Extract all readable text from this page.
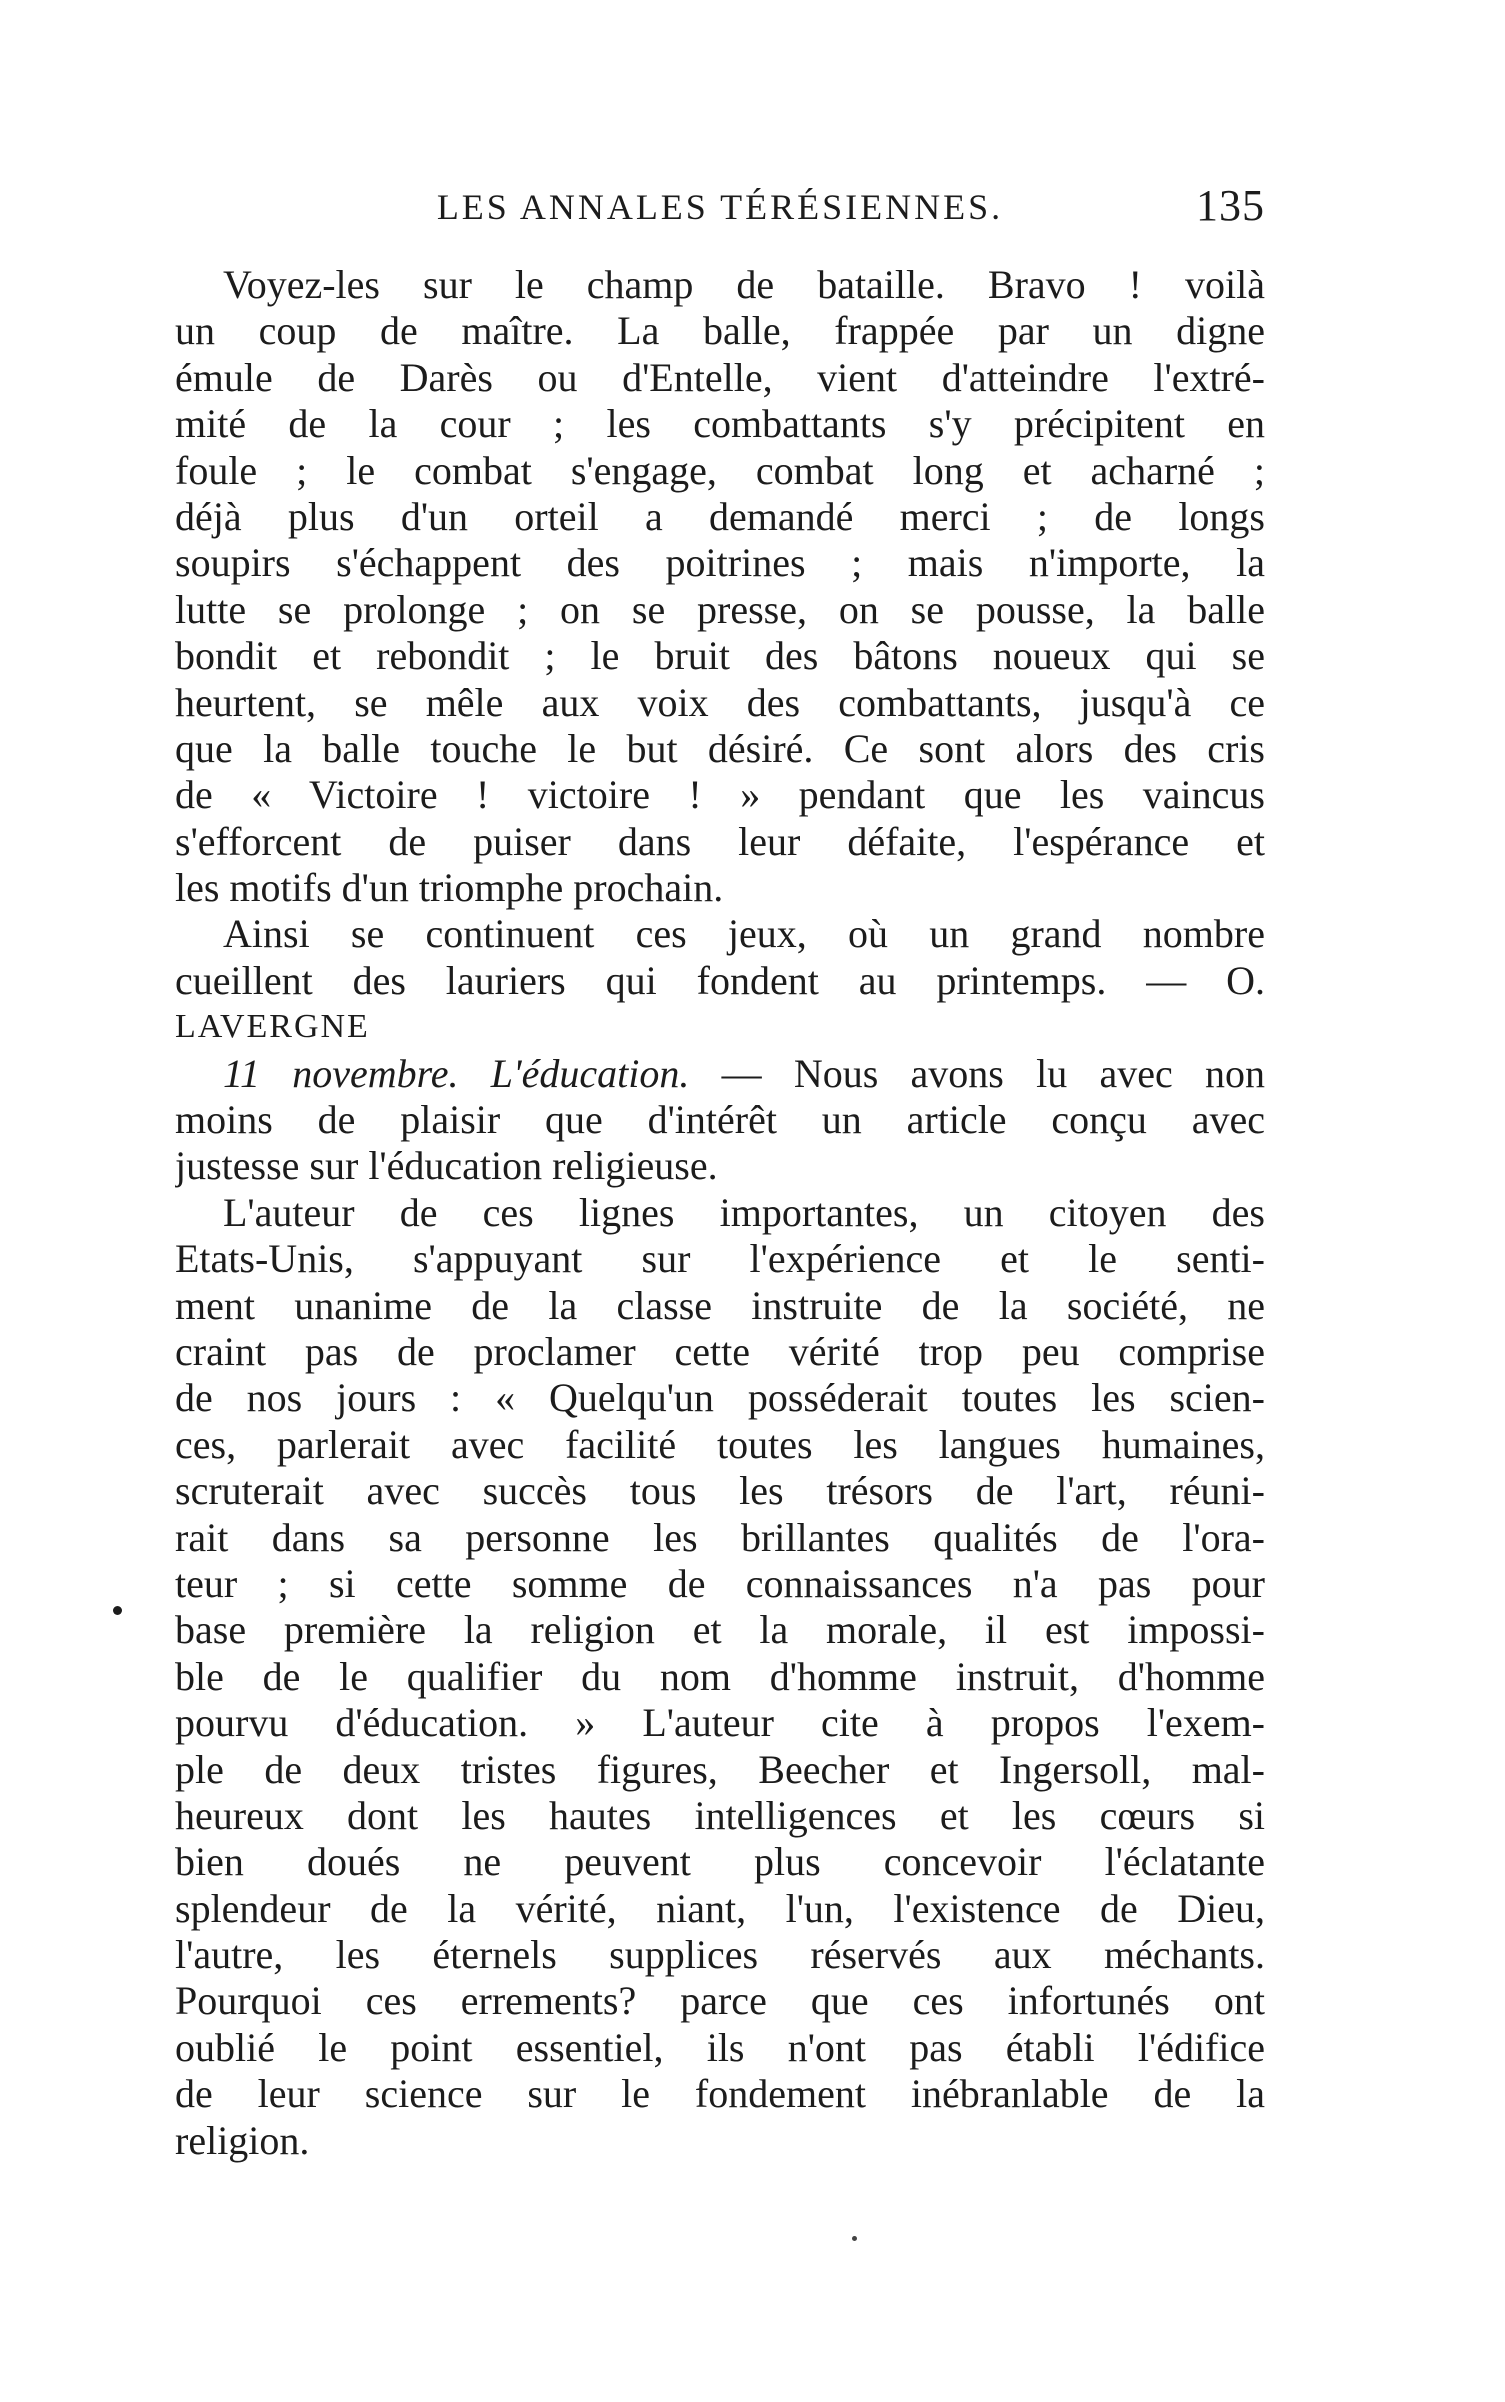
LES ANNALES TÉRÉSIENNES.	135
Voyez-les sur le champ de bataille. Bravo ! voilà
un coup de maître. La balle, frappée par un digne
émule de Darès ou d'Entelle, vient d'atteindre l'extré-
mité de la cour ; les combattants s'y précipitent en
foule ; le combat s'engage, combat long et acharné ;
déjà plus d'un orteil a demandé merci ; de longs
soupirs s'échappent des poitrines ; mais n'importe, la
lutte se prolonge ; on se presse, on se pousse, la balle
bondit et rebondit ; le bruit des bâtons noueux qui se
heurtent, se mêle aux voix des combattants, jusqu'à ce
que la balle touche le but désiré. Ce sont alors des cris
de « Victoire ! victoire ! » pendant que les vaincus
s'efforcent de puiser dans leur défaite, l'espérance et
les motifs d'un triomphe prochain.
Ainsi se continuent ces jeux, où un grand nombre
cueillent des lauriers qui fondent au printemps. — O.
LAVERGNE
11 novembre. L'éducation. — Nous avons lu avec non
moins de plaisir que d'intérêt un article conçu avec
justesse sur l'éducation religieuse.
L'auteur de ces lignes importantes, un citoyen des
Etats-Unis, s'appuyant sur l'expérience et le senti-
ment unanime de la classe instruite de la société, ne
craint pas de proclamer cette vérité trop peu comprise
de nos jours : « Quelqu'un posséderait toutes les scien-
ces, parlerait avec facilité toutes les langues humaines,
scruterait avec succès tous les trésors de l'art, réuni-
rait dans sa personne les brillantes qualités de l'ora-
teur ; si cette somme de connaissances n'a pas pour
base première la religion et la morale, il est impossi-
ble de le qualifier du nom d'homme instruit, d'homme
pourvu d'éducation. » L'auteur cite à propos l'exem-
ple de deux tristes figures, Beecher et Ingersoll, mal-
heureux dont les hautes intelligences et les cœurs si
bien doués ne peuvent plus concevoir l'éclatante
splendeur de la vérité, niant, l'un, l'existence de Dieu,
l'autre, les éternels supplices réservés aux méchants.
Pourquoi ces errements? parce que ces infortunés ont
oublié le point essentiel, ils n'ont pas établi l'édifice
de leur science sur le fondement inébranlable de la
religion.
